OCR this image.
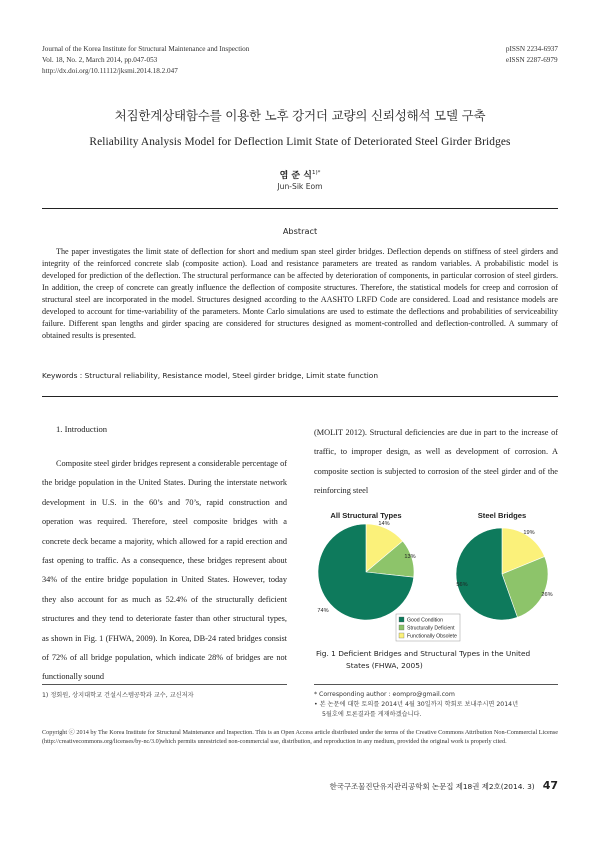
Journal of the Korea Institute for Structural Maintenance and Inspection
Vol. 18, No. 2, March 2014, pp.047-053
http://dx.doi.org/10.11112/jksmi.2014.18.2.047
pISSN 2234-6937
eISSN 2287-6979
처짐한계상태함수를 이용한 노후 강거더 교량의 신뢰성해석 모델 구축
Reliability Analysis Model for Deflection Limit State of Deteriorated Steel Girder Bridges
염 준 식$^{1)*}$
Jun-Sik Eom
Abstract
The paper investigates the limit state of deflection for short and medium span steel girder bridges. Deflection depends on stiffness of steel girders and integrity of the reinforced concrete slab (composite action). Load and resistance parameters are treated as random variables. A probabilistic model is developed for prediction of the deflection. The structural performance can be affected by deterioration of components, in particular corrosion of steel girders. In addition, the creep of concrete can greatly influence the deflection of composite structures. Therefore, the statistical models for creep and corrosion of structural steel are incorporated in the model. Structures designed according to the AASHTO LRFD Code are considered. Load and resistance models are developed to account for time-variability of the parameters. Monte Carlo simulations are used to estimate the deflections and probabilities of serviceability failure. Different span lengths and girder spacing are considered for structures designed as moment-controlled and deflection-controlled. A summary of obtained results is presented.
Keywords : Structural reliability, Resistance model, Steel girder bridge, Limit state function
1. Introduction
Composite steel girder bridges represent a considerable percentage of the bridge population in the United States. During the interstate network development in U.S. in the 60’s and 70’s, rapid construction and operation was required. Therefore, steel composite bridges with a concrete deck became a majority, which allowed for a rapid erection and fast opening to traffic. As a consequence, these bridges represent about 34% of the entire bridge population in United States. However, today they also account for as much as 52.4% of the structurally deficient structures and they tend to deteriorate faster than other structural types, as shown in Fig. 1 (FHWA, 2009). In Korea, DB-24 rated bridges consist of 72% of all bridge population, which indicate 28% of bridges are not functionally sound
(MOLIT 2012). Structural deficiencies are due in part to the increase of traffic, to improper design, as well as development of corrosion. A composite section is subjected to corrosion of the steel girder and of the reinforcing steel
All Structural Types	Steel Bridges
14%
13%
74%
19%
26%
56%
Good Condition
Structurally Deficient
Functionally Obsolete
Fig. 1 Deficient Bridges and Structural Types in the United
States (FHWA, 2005)
1) 정회원, 상지대학교 건설시스템공학과 교수, 교신저자	* Corresponding author : eompro@gmail.com
• 본 논문에 대한 토의를 2014년 4월 30일까지 학회로 보내주시면 2014년
5월호에 토론결과를 게재하겠습니다.
Copyright ⓒ 2014 by The Korea Institute for Structural Maintenance and Inspection. This is an Open Access article distributed under the terms of the Creative Commons Attribution Non-Commercial License (http://creativecommons.org/licenses/by-nc/3.0)which permits unrestricted non-commercial use, distribution, and reproduction in any medium, provided the original work is properly cited.
한국구조물진단유지관리공학회 논문집 제18권 제2호(2014. 3) 47
